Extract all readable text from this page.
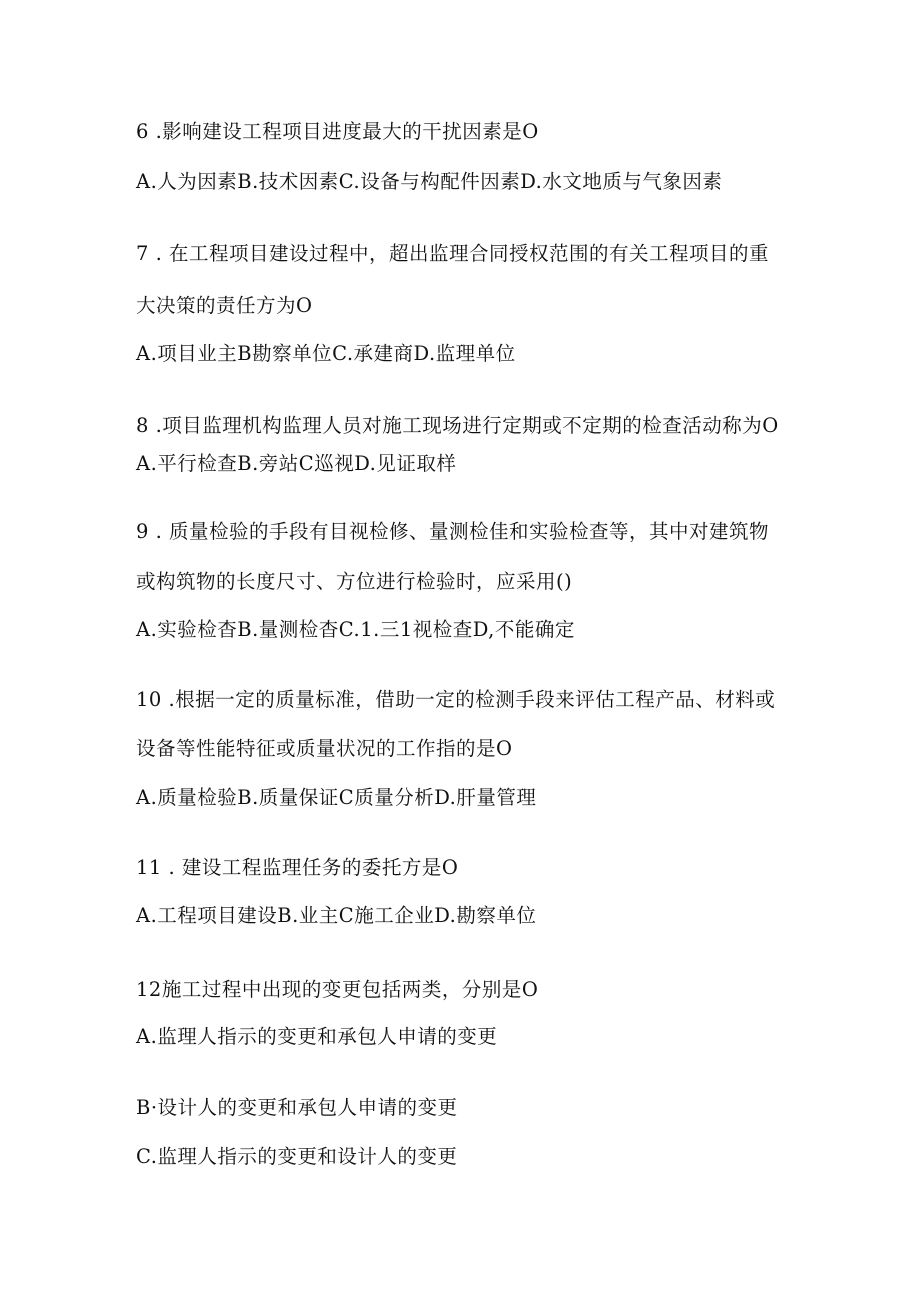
6 .影响建设工程项目进度最大的干扰因素是O
A.人为因素B.技术因素C.设备与构配件因素D.水文地质与气象因素
7 . 在工程项目建设过程中，超出监理合同授权范围的有关工程项目的重
大决策的责任方为O
A.项目业主B勘察单位C.承建商D.监理单位
8 .项目监理机构监理人员对施工现场进行定期或不定期的检查活动称为O
A.平行检查B.旁站C巡视D.见证取样
9 . 质量检验的手段有目视检修、量测检佳和实验检查等，其中对建筑物
或构筑物的长度尺寸、方位进行检验时，应采用()
A.实验检杳B.量测检杳C.1.三1视检查D,不能确定
10 .根据一定的质量标准，借助一定的检测手段来评估工程产品、材料或
设备等性能特征或质量状况的工作指的是O
A.质量检验B.质量保证C质量分析D.肝量管理
11 . 建设工程监理任务的委托方是O
A.工程项目建设B.业主C施工企业D.勘察单位
12施工过程中出现的变更包括两类，分别是O
A.监理人指示的变更和承包人申请的变更
B·设计人的变更和承包人申请的变更
C.监理人指示的变更和设计人的变更
